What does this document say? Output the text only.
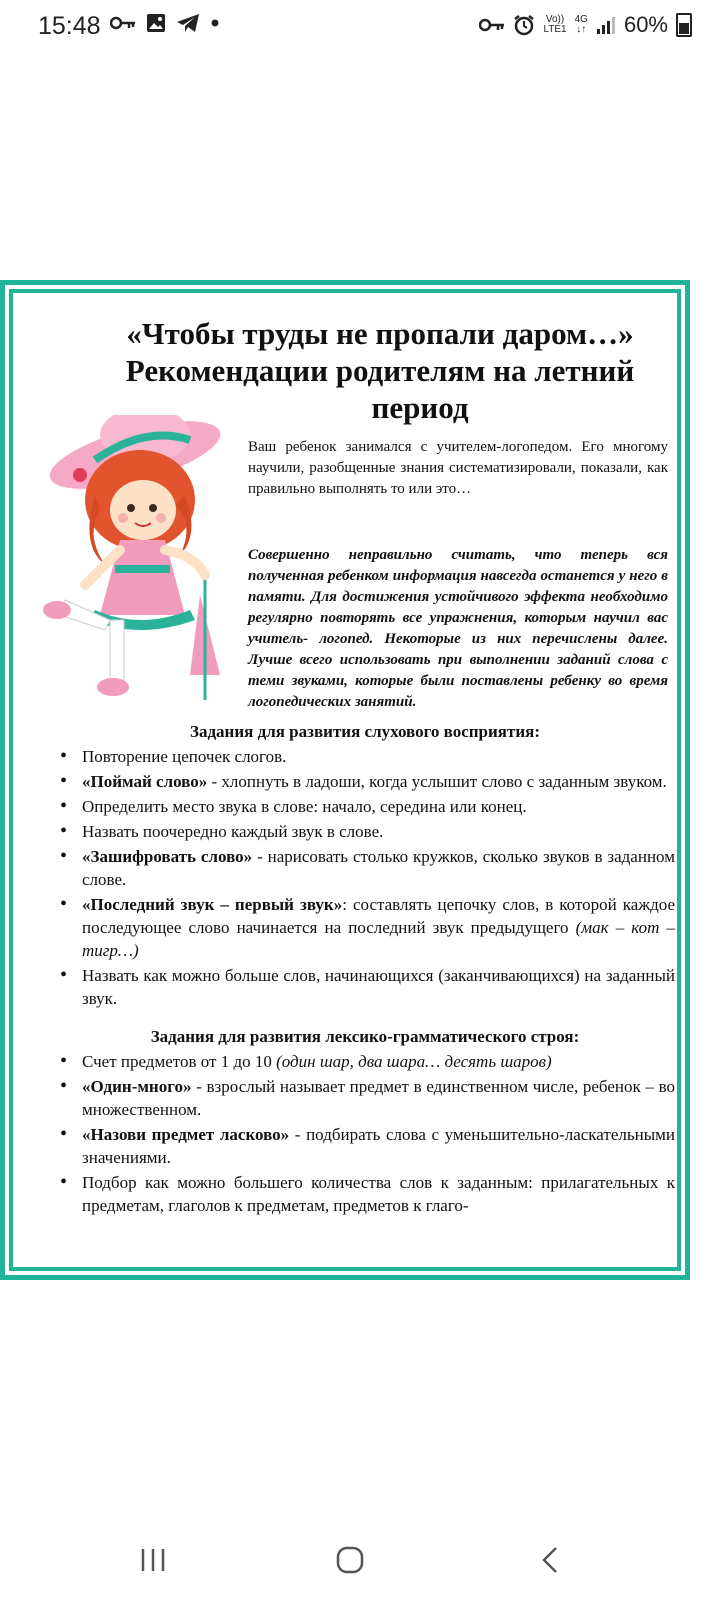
15:48	Vo))
LTE1
4G
↓↑ 60%
«Чтобы труды не пропали даром…»
Рекомендации родителям на летний
период
Ваш ребенок занимался с учителем-логопедом. Его многому научили, разобщенные знания систематизировали, показали, как правильно выполнять то или это…
Совершенно неправильно считать, что теперь вся полученная ребенком информация навсегда останется у него в памяти. Для достижения устойчивого эффекта необходимо регулярно повторять все упражнения, которым научил вас учитель- логопед. Некоторые из них перечислены далее. Лучше всего использовать при выполнении заданий слова с теми звуками, которые были поставлены ребенку во время логопедических занятий.
Задания для развития слухового восприятия:
• Повторение цепочек слогов.
• «Поймай слово» - хлопнуть в ладоши, когда услышит слово с заданным звуком.
• Определить место звука в слове: начало, середина или конец.
• Назвать поочередно каждый звук в слове.
• «Зашифровать слово» - нарисовать столько кружков, сколько звуков в заданном слове.
• «Последний звук – первый звук»: составлять цепочку слов, в которой каждое последующее слово начинается на последний звук предыдущего (мак – кот – тигр…)
• Назвать как можно больше слов, начинающихся (заканчивающихся) на заданный звук.
Задания для развития лексико-грамматического строя:
• Счет предметов от 1 до 10 (один шар, два шара… десять шаров)
• «Один-много» - взрослый называет предмет в единственном числе, ребенок – во множественном.
• «Назови предмет ласково» - подбирать слова с уменьшительно-ласкательными значениями.
• Подбор как можно большего количества слов к заданным: прилагательных к предметам, глаголов к предметам, предметов к глаго-
